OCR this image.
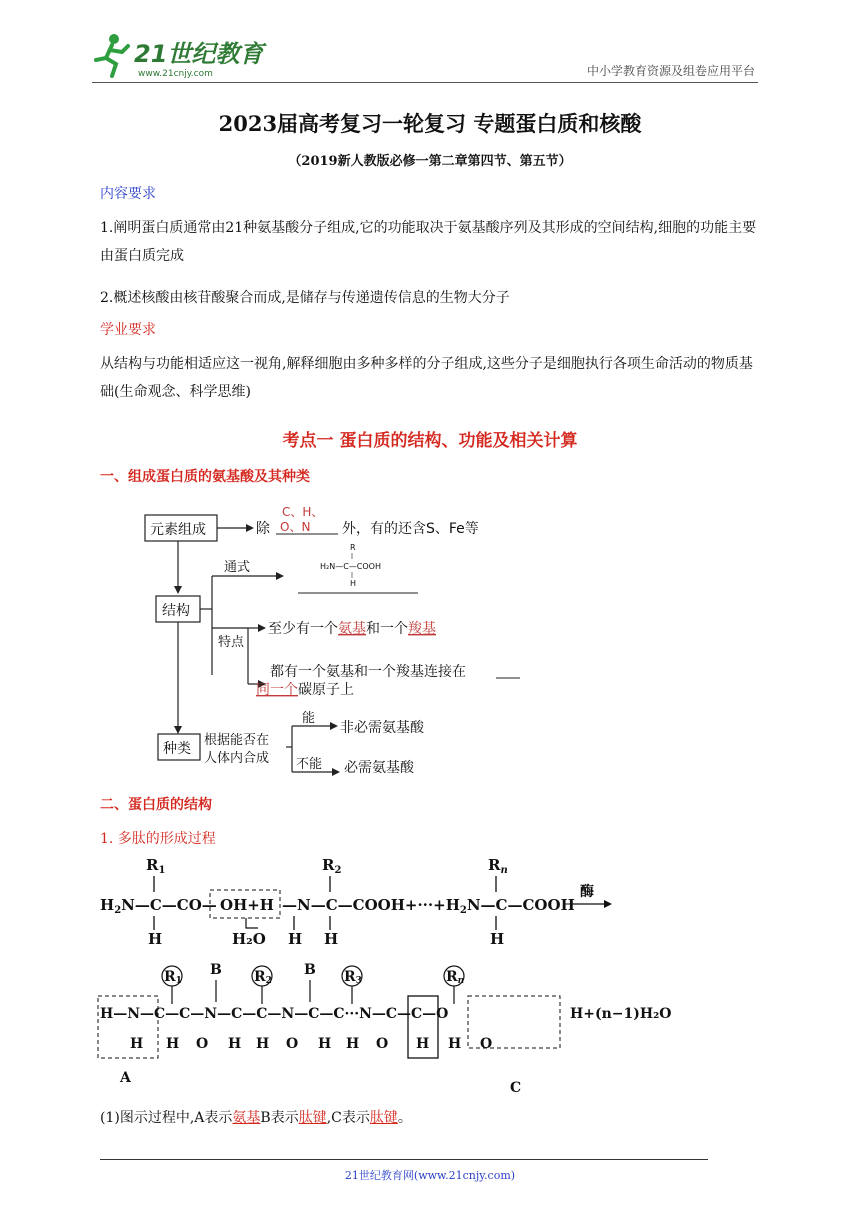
21世纪教育
www.21cnjy.com	中小学教育资源及组卷应用平台
2023届高考复习一轮复习 专题蛋白质和核酸
（2019新人教版必修一第二章第四节、第五节）
内容要求
1.阐明蛋白质通常由21种氨基酸分子组成,它的功能取决于氨基酸序列及其形成的空间结构,细胞的功能主要由蛋白质完成
2.概述核酸由核苷酸聚合而成,是储存与传递遗传信息的生物大分子
学业要求
从结构与功能相适应这一视角,解释细胞由多种多样的分子组成,这些分子是细胞执行各项生命活动的物质基础(生命观念、科学思维)
考点一 蛋白质的结构、功能及相关计算
一、组成蛋白质的氨基酸及其种类
元素组成	除
C、H、
O、N 外，有的还含S、Fe等
结构
通式
R
H₂N—C—COOH
H
特点
至少有一个氨基和一个羧基
都有一个氨基和一个羧基连接在
同一个碳原子上
种类
根据能否在
人体内合成
能
非必需氨基酸
不能 必需氨基酸
二、蛋白质的结构
1. 多肽的形成过程
$R_1$
$H_2N—C—CO—$ OH+H $—N—C—COOH+\cdot\cdot\cdot+H_2N—C—COOH$
H	H₂O
$R_2$
H H
$R_n$
H
酶
R1	R2	R3	Rn
B	B
H—N—C—C—N—C—C—N—C—C···N—C—C—O	H+(n−1)H₂O
H H O H H O H H O H H O
A
C
(1)图示过程中,A表示氨基B表示肽键,C表示肽键。
21世纪教育网(www.21cnjy.com)
